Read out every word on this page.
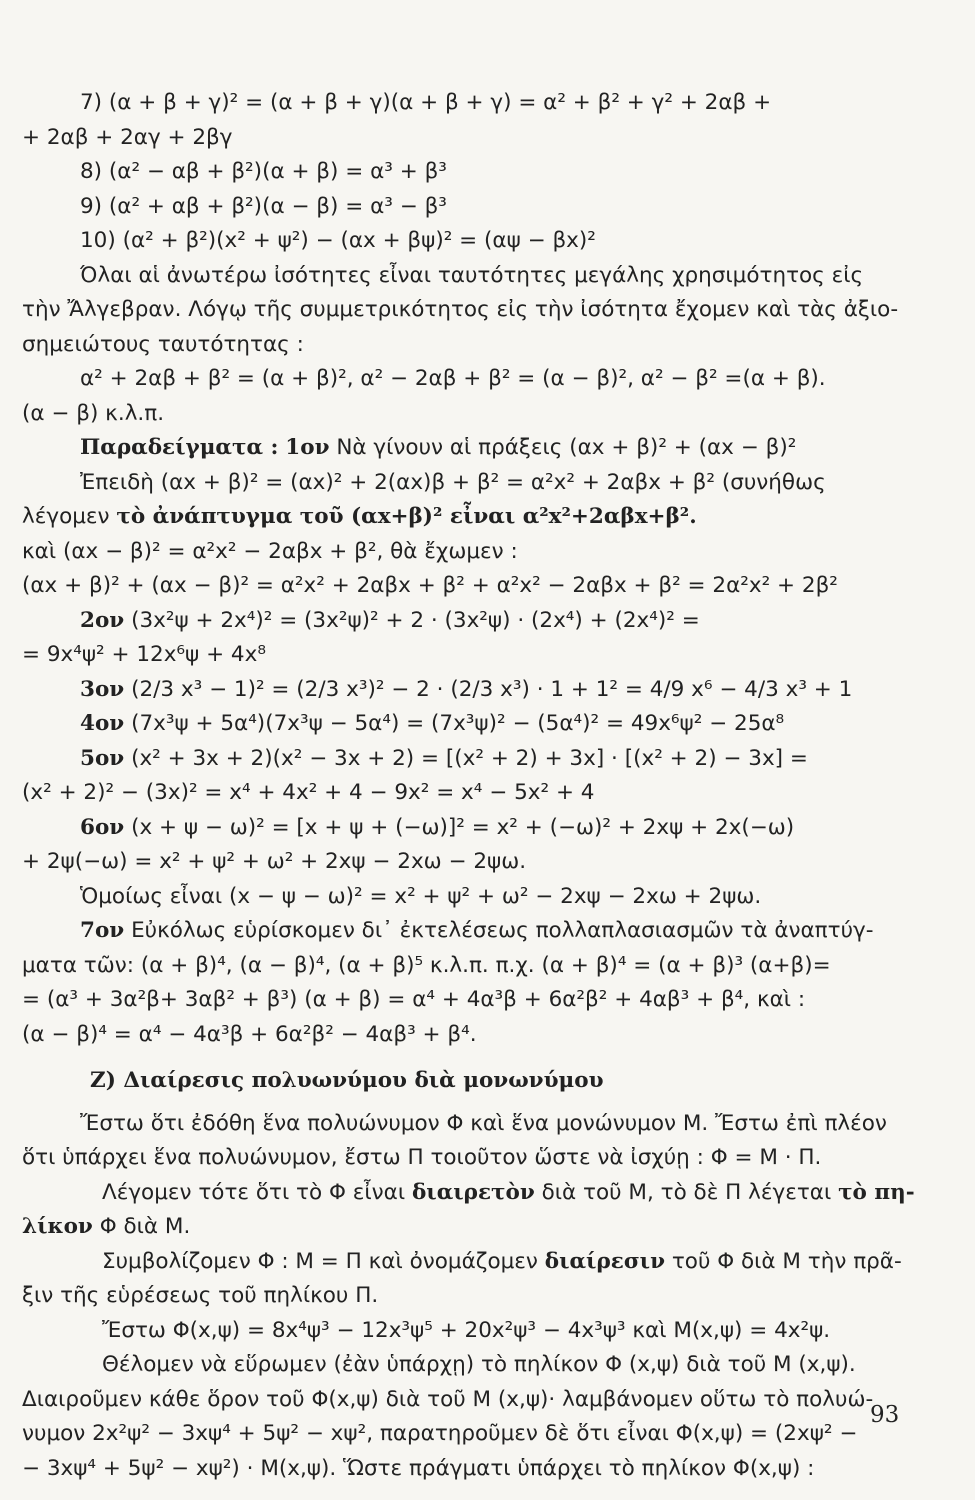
7) (α + β + γ)² = (α + β + γ)(α + β + γ) = α² + β² + γ² + 2αβ +
+ 2αβ + 2αγ + 2βγ
8) (α² − αβ + β²)(α + β) = α³ + β³
9) (α² + αβ + β²)(α − β) = α³ − β³
10) (α² + β²)(x² + ψ²) − (αx + βψ)² = (αψ − βx)²
Όλαι αἱ ἀνωτέρω ἰσότητες εἶναι ταυτότητες μεγάλης χρησιμότητος εἰς
τὴν Ἄλγεβραν. Λόγῳ τῆς συμμετρικότητος εἰς τὴν ἰσότητα ἔχομεν καὶ τὰς ἀξιο-
σημειώτους ταυτότητας :
α² + 2αβ + β² = (α + β)², α² − 2αβ + β² = (α − β)², α² − β² =(α + β).
(α − β) κ.λ.π.
Παραδείγματα : 1ον Νὰ γίνουν αἱ πράξεις (αx + β)² + (αx − β)²
Ἐπειδὴ (αx + β)² = (αx)² + 2(αx)β + β² = α²x² + 2αβx + β² (συνήθως
λέγομεν τὸ ἀνάπτυγμα τοῦ (αx+β)² εἶναι α²x²+2αβx+β².
καὶ (αx − β)² = α²x² − 2αβx + β², θὰ ἔχωμεν :
(αx + β)² + (αx − β)² = α²x² + 2αβx + β² + α²x² − 2αβx + β² = 2α²x² + 2β²
2ον (3x²ψ + 2x⁴)² = (3x²ψ)² + 2 · (3x²ψ) · (2x⁴) + (2x⁴)² =
= 9x⁴ψ² + 12x⁶ψ + 4x⁸
3ον (2/3 x³ − 1)² = (2/3 x³)² − 2 · (2/3 x³) · 1 + 1² = 4/9 x⁶ − 4/3 x³ + 1
4ον (7x³ψ + 5α⁴)(7x³ψ − 5α⁴) = (7x³ψ)² − (5α⁴)² = 49x⁶ψ² − 25α⁸
5ον (x² + 3x + 2)(x² − 3x + 2) = [(x² + 2) + 3x] · [(x² + 2) − 3x] =
(x² + 2)² − (3x)² = x⁴ + 4x² + 4 − 9x² = x⁴ − 5x² + 4
6ον (x + ψ − ω)² = [x + ψ + (−ω)]² = x² + (−ω)² + 2xψ + 2x(−ω)
+ 2ψ(−ω) = x² + ψ² + ω² + 2xψ − 2xω − 2ψω.
Ὁμοίως εἶναι (x − ψ − ω)² = x² + ψ² + ω² − 2xψ − 2xω + 2ψω.
7ον Εὐκόλως εὑρίσκομεν δι᾽ ἐκτελέσεως πολλαπλασιασμῶν τὰ ἀναπτύγ-
ματα τῶν: (α + β)⁴, (α − β)⁴, (α + β)⁵ κ.λ.π. π.χ. (α + β)⁴ = (α + β)³ (α+β)=
= (α³ + 3α²β+ 3αβ² + β³) (α + β) = α⁴ + 4α³β + 6α²β² + 4αβ³ + β⁴, καὶ :
(α − β)⁴ = α⁴ − 4α³β + 6α²β² − 4αβ³ + β⁴.
Ζ) Διαίρεσις πολυωνύμου διὰ μονωνύμου
Ἔστω ὅτι ἐδόθη ἕνα πολυώνυμον Φ καὶ ἕνα μονώνυμον Μ. Ἔστω ἐπὶ πλέον
ὅτι ὑπάρχει ἕνα πολυώνυμον, ἔστω Π τοιοῦτον ὥστε νὰ ἰσχύῃ : Φ = Μ · Π.
Λέγομεν τότε ὅτι τὸ Φ εἶναι διαιρετὸν διὰ τοῦ Μ, τὸ δὲ Π λέγεται τὸ πη-
λίκον Φ διὰ Μ.
Συμβολίζομεν Φ : Μ = Π καὶ ὀνομάζομεν διαίρεσιν τοῦ Φ διὰ Μ τὴν πρᾶ-
ξιν τῆς εὑρέσεως τοῦ πηλίκου Π.
Ἔστω Φ(x,ψ) = 8x⁴ψ³ − 12x³ψ⁵ + 20x²ψ³ − 4x³ψ³ καὶ Μ(x,ψ) = 4x²ψ.
Θέλομεν νὰ εὕρωμεν (ἐὰν ὑπάρχῃ) τὸ πηλίκον Φ (x,ψ) διὰ τοῦ Μ (x,ψ).
Διαιροῦμεν κάθε ὅρον τοῦ Φ(x,ψ) διὰ τοῦ Μ (x,ψ)· λαμβάνομεν οὕτω τὸ πολυώ-
νυμον 2x²ψ² − 3xψ⁴ + 5ψ² − xψ², παρατηροῦμεν δὲ ὅτι εἶναι Φ(x,ψ) = (2xψ² −
− 3xψ⁴ + 5ψ² − xψ²) · Μ(x,ψ). Ὥστε πράγματι ὑπάρχει τὸ πηλίκον Φ(x,ψ) :
93
